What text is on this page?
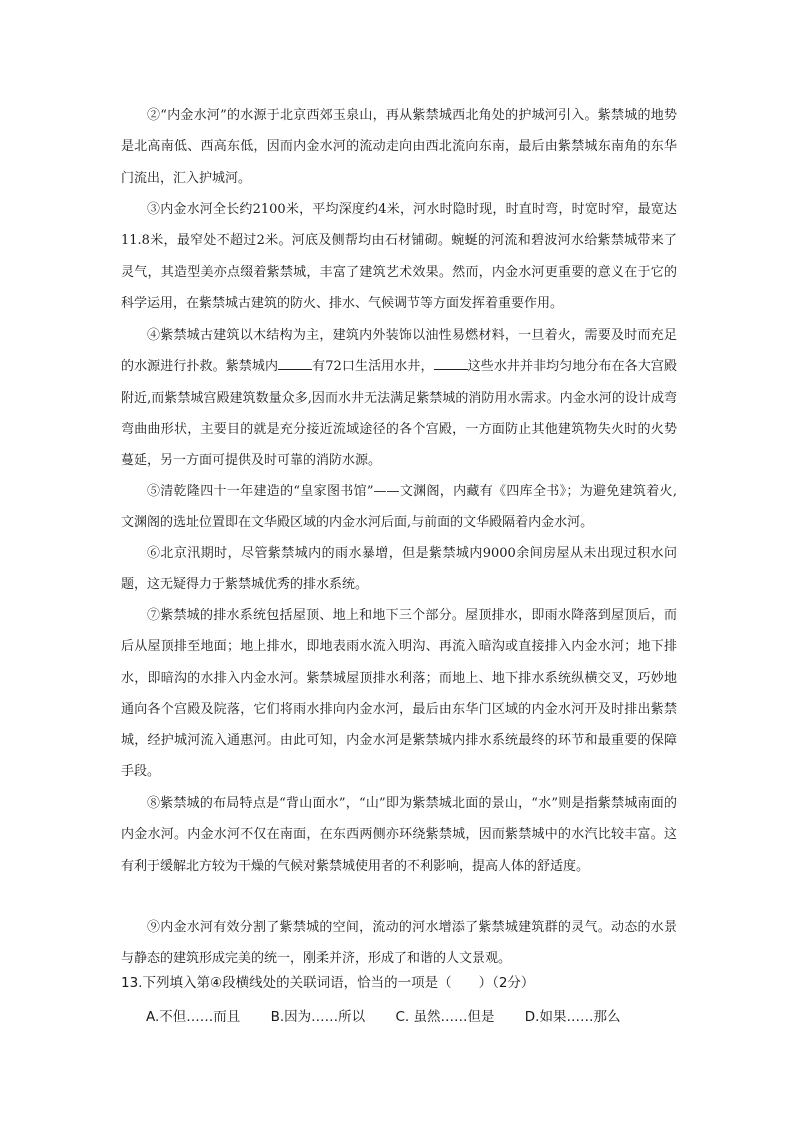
②“内金水河”的水源于北京西郊玉泉山，再从紫禁城西北角处的护城河引入。紫禁城的地势是北高南低、西高东低，因而内金水河的流动走向由西北流向东南，最后由紫禁城东南角的东华门流出，汇入护城河。

③内金水河全长约2100米，平均深度约4米，河水时隐时现，时直时弯，时宽时窄，最宽达11.8米，最窄处不超过2米。河底及侧帮均由石材铺砌。蜿蜒的河流和碧波河水给紫禁城带来了灵气，其造型美亦点缀着紫禁城，丰富了建筑艺术效果。然而，内金水河更重要的意义在于它的科学运用，在紫禁城古建筑的防火、排水、气候调节等方面发挥着重要作用。

④紫禁城古建筑以木结构为主，建筑内外装饰以油性易燃材料，一旦着火，需要及时而充足的水源进行扑救。紫禁城内	有72口生活用水井，	这些水井并非均匀地分布在各大宫殿附近,而紫禁城宫殿建筑数量众多,因而水井无法满足紫禁城的消防用水需求。内金水河的设计成弯弯曲曲形状，主要目的就是充分接近流域途径的各个宫殿，一方面防止其他建筑物失火时的火势蔓延，另一方面可提供及时可靠的消防水源。

⑤清乾隆四十一年建造的“皇家图书馆”——文渊阁，内藏有《四库全书》；为避免建筑着火,文渊阁的选址位置即在文华殿区域的内金水河后面,与前面的文华殿隔着内金水河。

⑥北京汛期时，尽管紫禁城内的雨水暴增，但是紫禁城内9000余间房屋从未出现过积水问题，这无疑得力于紫禁城优秀的排水系统。

⑦紫禁城的排水系统包括屋顶、地上和地下三个部分。屋顶排水，即雨水降落到屋顶后，而后从屋顶排至地面；地上排水，即地表雨水流入明沟、再流入暗沟或直接排入内金水河；地下排水，即暗沟的水排入内金水河。紫禁城屋顶排水利落；而地上、地下排水系统纵横交叉，巧妙地通向各个宫殿及院落，它们将雨水排向内金水河，最后由东华门区域的内金水河开及时排出紫禁城，经护城河流入通惠河。由此可知，内金水河是紫禁城内排水系统最终的环节和最重要的保障手段。

⑧紫禁城的布局特点是“背山面水”，“山”即为紫禁城北面的景山，“水”则是指紫禁城南面的内金水河。内金水河不仅在南面，在东西两侧亦环绕紫禁城，因而紫禁城中的水汽比较丰富。这有利于缓解北方较为干燥的气候对紫禁城使用者的不利影响，提高人体的舒适度。

⑨内金水河有效分割了紫禁城的空间，流动的河水增添了紫禁城建筑群的灵气。动态的水景与静态的建筑形成完美的统一，刚柔并济，形成了和谐的人文景观。

13.下列填入第④段横线处的关联词语，恰当的一项是（　　）（2分）

A.不但……而且 B.因为……所以 C. 虽然……但是 D.如果……那么
